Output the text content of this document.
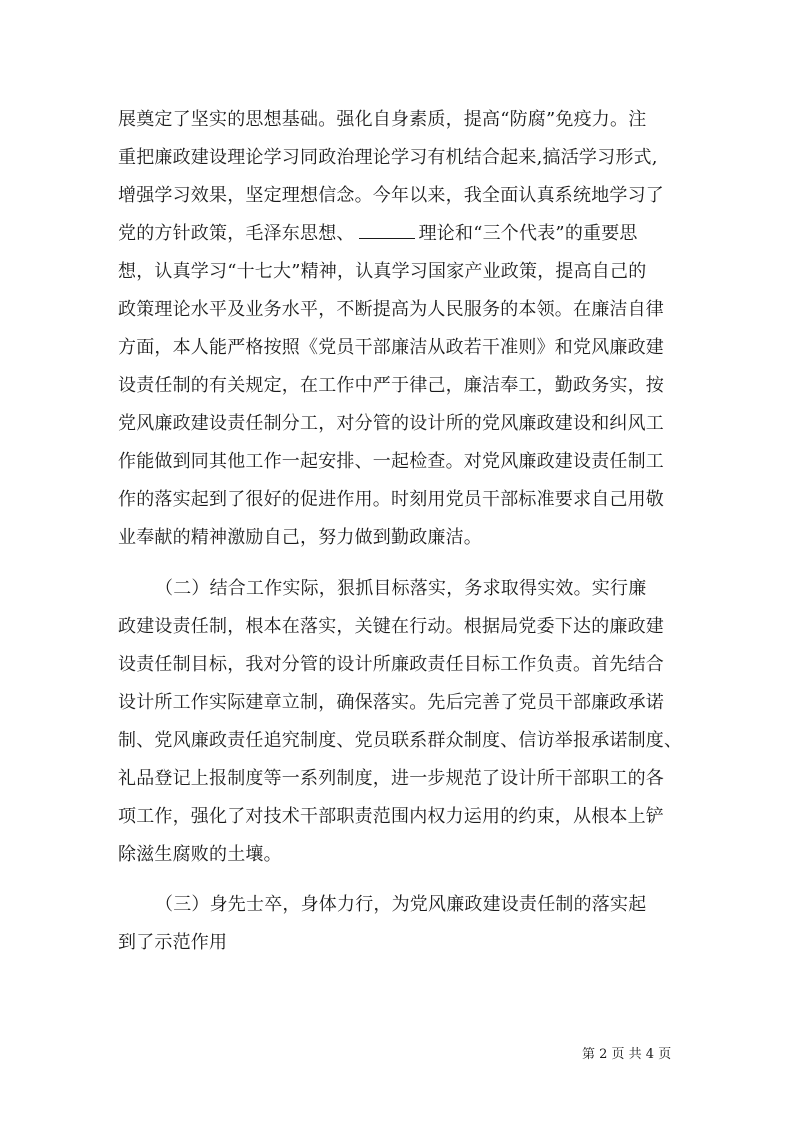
展奠定了坚实的思想基础。强化自身素质，提高“防腐”免疫力。注
重把廉政建设理论学习同政治理论学习有机结合起来,搞活学习形式,
增强学习效果，坚定理想信念。今年以来，我全面认真系统地学习了
党的方针政策，毛泽东思想、	理论和“三个代表”的重要思
想，认真学习“十七大”精神，认真学习国家产业政策，提高自己的
政策理论水平及业务水平，不断提高为人民服务的本领。在廉洁自律
方面，本人能严格按照《党员干部廉洁从政若干准则》和党风廉政建
设责任制的有关规定，在工作中严于律己，廉洁奉工，勤政务实，按
党风廉政建设责任制分工，对分管的设计所的党风廉政建设和纠风工
作能做到同其他工作一起安排、一起检查。对党风廉政建设责任制工
作的落实起到了很好的促进作用。时刻用党员干部标准要求自己用敬
业奉献的精神激励自己，努力做到勤政廉洁。
（二）结合工作实际，狠抓目标落实，务求取得实效。实行廉
政建设责任制，根本在落实，关键在行动。根据局党委下达的廉政建
设责任制目标，我对分管的设计所廉政责任目标工作负责。首先结合
设计所工作实际建章立制，确保落实。先后完善了党员干部廉政承诺
制、党风廉政责任追究制度、党员联系群众制度、信访举报承诺制度、
礼品登记上报制度等一系列制度，进一步规范了设计所干部职工的各
项工作，强化了对技术干部职责范围内权力运用的约束，从根本上铲
除滋生腐败的土壤。
（三）身先士卒，身体力行，为党风廉政建设责任制的落实起
到了示范作用
第 2 页 共 4 页
